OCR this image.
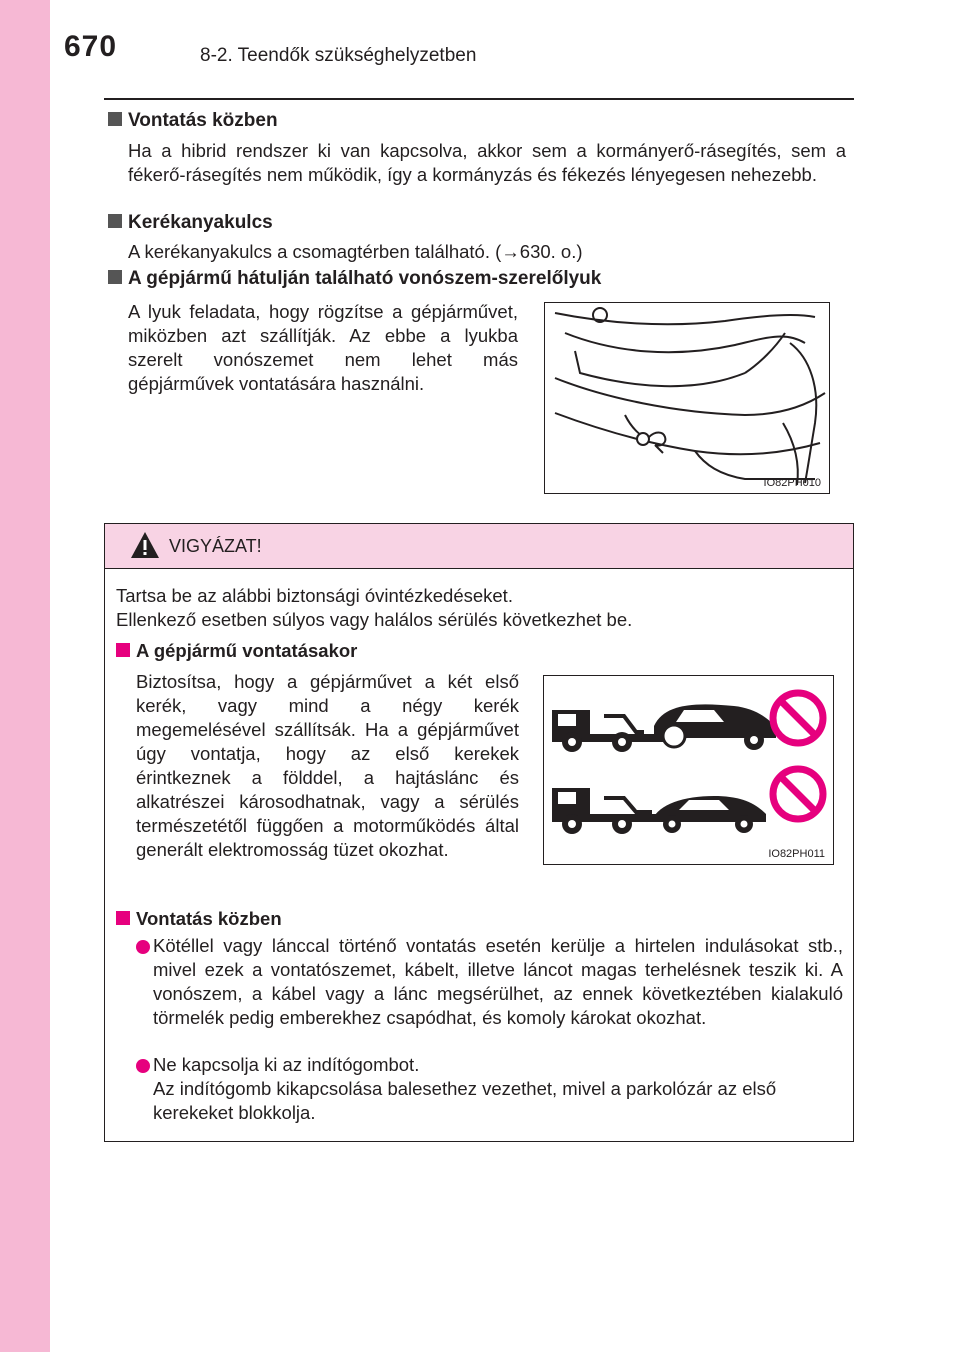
670	8-2. Teendők szükséghelyzetben
Vontatás közben
Ha a hibrid rendszer ki van kapcsolva, akkor sem a kormányerő-rásegítés, sem a fékerő-rásegítés nem működik, így a kormányzás és fékezés lényegesen nehezebb.
Kerékanyakulcs
A kerékanyakulcs a csomagtérben található. (→630. o.)
A gépjármű hátulján található vonószem-szerelőlyuk
A lyuk feladata, hogy rögzítse a gépjárművet, miközben azt szállítják. Az ebbe a lyukba szerelt vonószemet nem lehet más gépjárművek vontatására használni.
IO82PH010
VIGYÁZAT!
Tartsa be az alábbi biztonsági óvintézkedéseket.
Ellenkező esetben súlyos vagy halálos sérülés következhet be.
A gépjármű vontatásakor
Biztosítsa, hogy a gépjárművet a két első kerék, vagy mind a négy kerék megemelésével szállítsák. Ha a gépjárművet úgy vontatja, hogy az első kerekek érintkeznek a földdel, a hajtáslánc és alkatrészei károsodhatnak, vagy a sérülés természetétől függően a motorműködés által generált elektromosság tüzet okozhat.	IO82PH011
Vontatás közben
Kötéllel vagy lánccal történő vontatás esetén kerülje a hirtelen indulásokat stb., mivel ezek a vontatószemet, kábelt, illetve láncot magas terhelésnek teszik ki. A vonószem, a kábel vagy a lánc megsérülhet, az ennek következtében kialakuló törmelék pedig emberekhez csapódhat, és komoly károkat okozhat.
Ne kapcsolja ki az indítógombot.
Az indítógomb kikapcsolása balesethez vezethet, mivel a parkolózár az első kerekeket blokkolja.
